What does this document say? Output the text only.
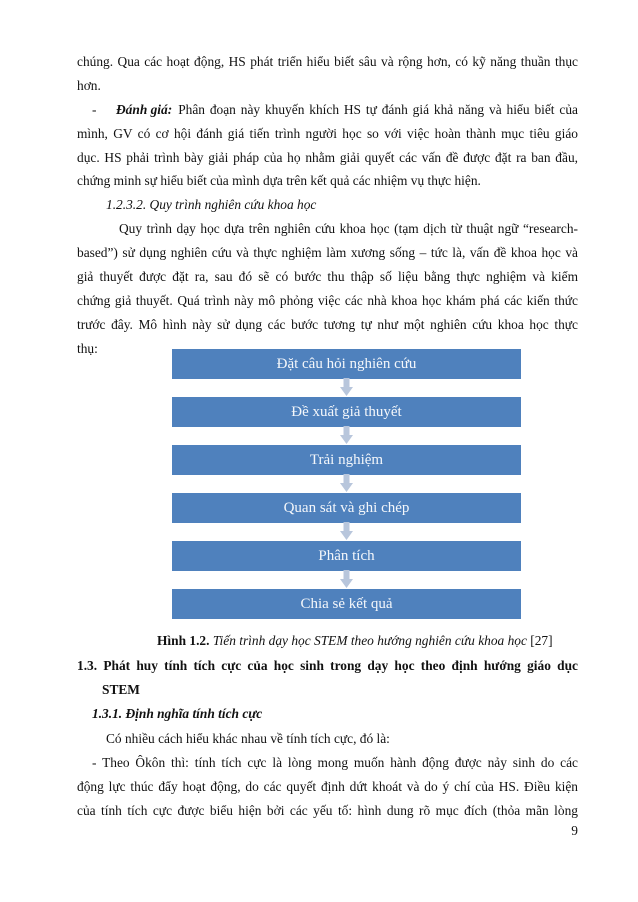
chúng. Qua các hoạt động, HS phát triển hiểu biết sâu và rộng hơn, có kỹ năng thuần thục
hơn.
-	Đánh giá: Phân đoạn này khuyến khích HS tự đánh giá khả năng và hiểu biết của
mình, GV có cơ hội đánh giá tiến trình người học so với việc hoàn thành mục tiêu giáo
dục. HS phải trình bày giải pháp của họ nhằm giải quyết các vấn đề được đặt ra ban đầu,
chứng minh sự hiểu biết của mình dựa trên kết quả các nhiệm vụ thực hiện.
1.2.3.2. Quy trình nghiên cứu khoa học
Quy trình dạy học dựa trên nghiên cứu khoa học (tạm dịch từ thuật ngữ “research-
based”) sử dụng nghiên cứu và thực nghiệm làm xương sống – tức là, vấn đề khoa học và
giả thuyết được đặt ra, sau đó sẽ có bước thu thập số liệu bằng thực nghiệm và kiểm
chứng giả thuyết. Quá trình này mô phỏng việc các nhà khoa học khám phá các kiến thức
trước đây. Mô hình này sử dụng các bước tương tự như một nghiên cứu khoa học thực
thụ:
Đặt câu hỏi nghiên cứu
Đề xuất giả thuyết
Trải nghiệm
Quan sát và ghi chép
Phân tích
Chia sẻ kết quả
Hình 1.2. Tiến trình dạy học STEM theo hướng nghiên cứu khoa học [27]
1.3. Phát huy tính tích cực của học sinh trong dạy học theo định hướng giáo dục
STEM
1.3.1. Định nghĩa tính tích cực
Có nhiều cách hiểu khác nhau về tính tích cực, đó là:
- Theo Ôkôn thì: tính tích cực là lòng mong muốn hành động được nảy sinh do các
động lực thúc đẩy hoạt động, do các quyết định dứt khoát và do ý chí của HS. Điều kiện
của tính tích cực được biểu hiện bởi các yếu tố: hình dung rõ mục đích (thỏa mãn lòng
9
